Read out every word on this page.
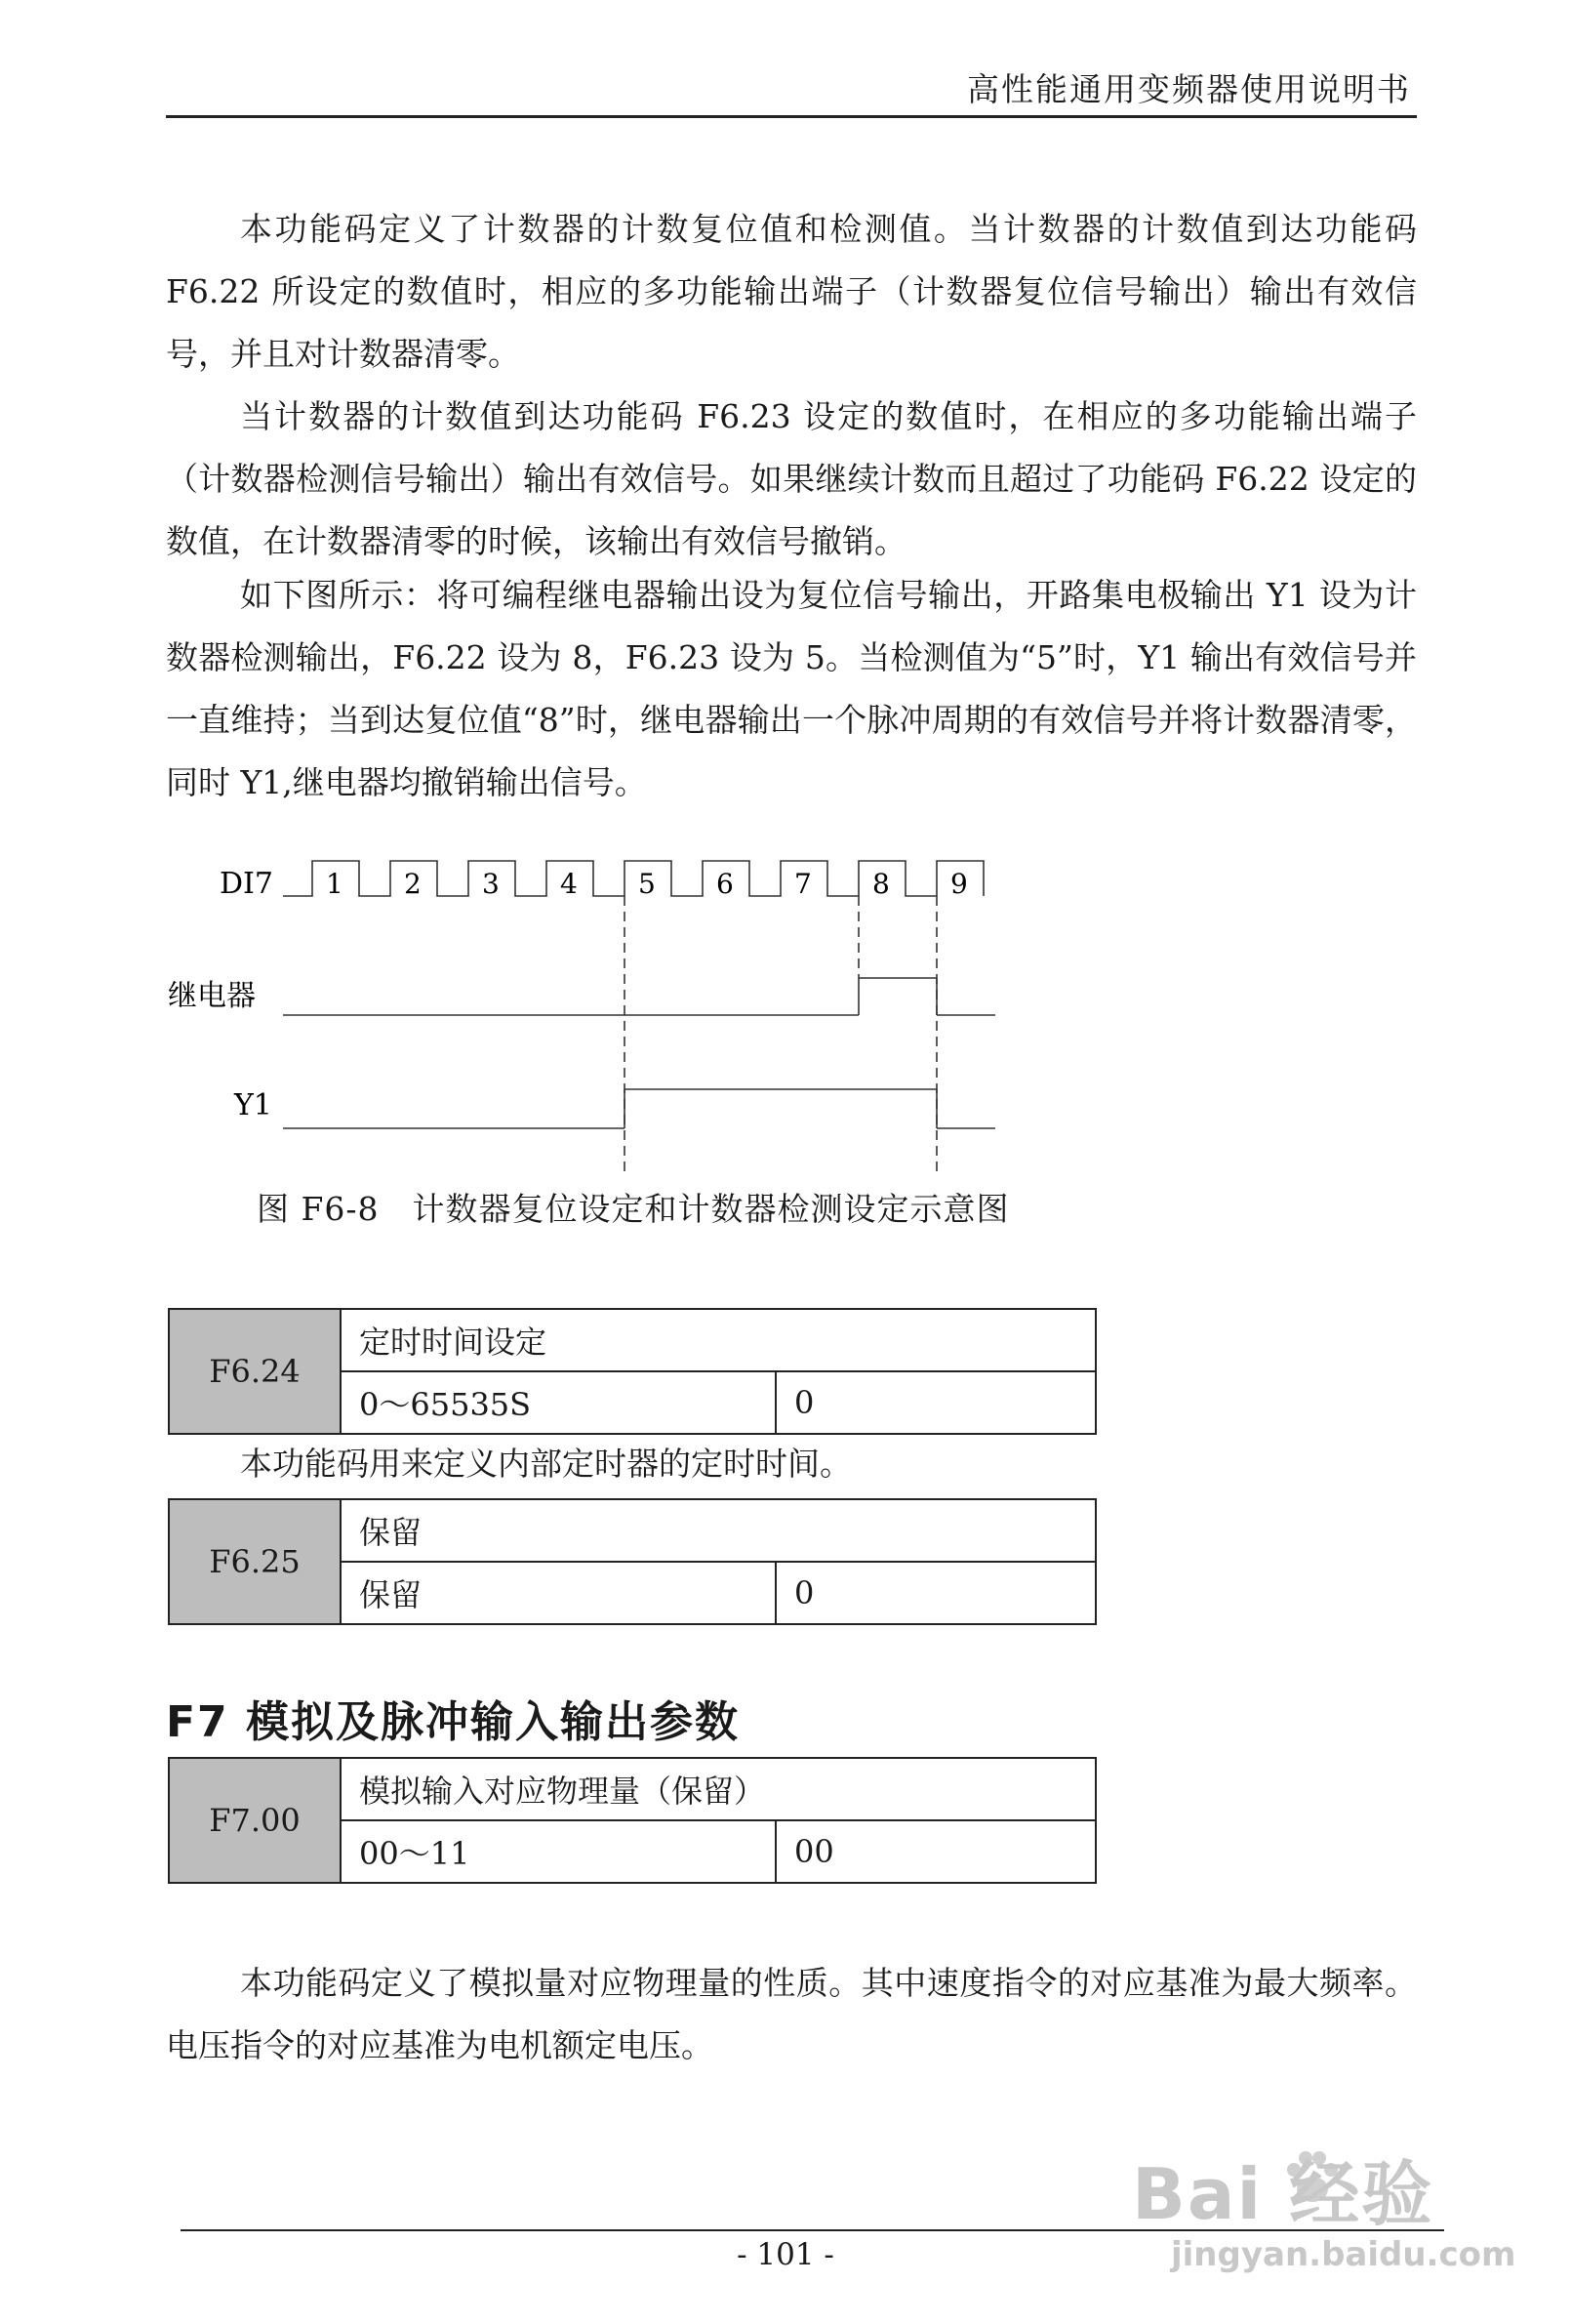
高性能通用变频器使用说明书

本功能码定义了计数器的计数复位值和检测值。当计数器的计数值到达功能码 F6.22 所设定的数值时，相应的多功能输出端子（计数器复位信号输出）输出有效信号，并且对计数器清零。

当计数器的计数值到达功能码 F6.23 设定的数值时，在相应的多功能输出端子（计数器检测信号输出）输出有效信号。如果继续计数而且超过了功能码 F6.22 设定的数值，在计数器清零的时候，该输出有效信号撤销。

如下图所示：将可编程继电器输出设为复位信号输出，开路集电极输出 Y1 设为计数器检测输出，F6.22 设为 8，F6.23 设为 5。当检测值为“5”时，Y1 输出有效信号并一直维持；当到达复位值“8”时，继电器输出一个脉冲周期的有效信号并将计数器清零，同时 Y1,继电器均撤销输出信号。

DI7
继电器
Y1
1 2 3 4 5 6 7 8 9
图 F6-8　计数器复位设定和计数器检测设定示意图
F6.24	定时时间设定	
	0～65535S	0

本功能码用来定义内部定时器的定时时间。

F6.25	保留	
	保留	0
F7 模拟及脉冲输入输出参数
F7.00	模拟输入对应物理量（保留）	
	00～11	00

本功能码定义了模拟量对应物理量的性质。其中速度指令的对应基准为最大频率。电压指令的对应基准为电机额定电压。

- 101 -
Bai 经验
jingyan.baidu.com
